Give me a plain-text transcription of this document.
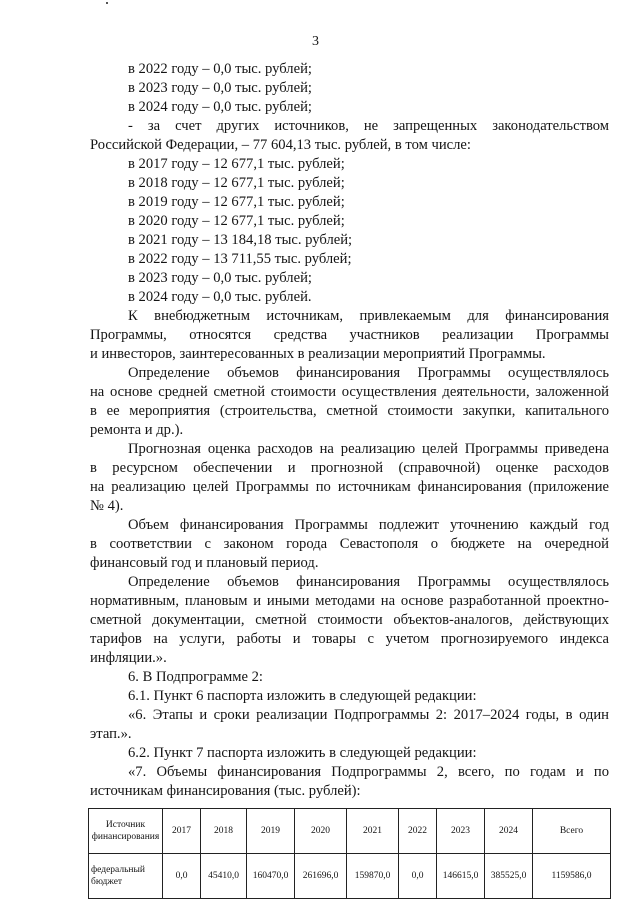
3
в 2022 году – 0,0 тыс. рублей;
в 2023 году – 0,0 тыс. рублей;
в 2024 году – 0,0 тыс. рублей;
- за счет других источников, не запрещенных законодательством
Российской Федерации, – 77 604,13 тыс. рублей, в том числе:
в 2017 году – 12 677,1 тыс. рублей;
в 2018 году – 12 677,1 тыс. рублей;
в 2019 году – 12 677,1 тыс. рублей;
в 2020 году – 12 677,1 тыс. рублей;
в 2021 году – 13 184,18 тыс. рублей;
в 2022 году – 13 711,55 тыс. рублей;
в 2023 году – 0,0 тыс. рублей;
в 2024 году – 0,0 тыс. рублей.
К внебюджетным источникам, привлекаемым для финансирования
Программы, относятся средства участников реализации Программы
и инвесторов, заинтересованных в реализации мероприятий Программы.
Определение объемов финансирования Программы осуществлялось
на основе средней сметной стоимости осуществления деятельности, заложенной
в ее мероприятия (строительства, сметной стоимости закупки, капитального
ремонта и др.).
Прогнозная оценка расходов на реализацию целей Программы приведена
в ресурсном обеспечении и прогнозной (справочной) оценке расходов
на реализацию целей Программы по источникам финансирования (приложение
№ 4).
Объем финансирования Программы подлежит уточнению каждый год
в соответствии с законом города Севастополя о бюджете на очередной
финансовый год и плановый период.
Определение объемов финансирования Программы осуществлялось
нормативным, плановым и иными методами на основе разработанной проектно-
сметной документации, сметной стоимости объектов-аналогов, действующих
тарифов на услуги, работы и товары с учетом прогнозируемого индекса
инфляции.».
6. В Подпрограмме 2:
6.1. Пункт 6 паспорта изложить в следующей редакции:
«6. Этапы и сроки реализации Подпрограммы 2: 2017–2024 годы, в один
этап.».
6.2. Пункт 7 паспорта изложить в следующей редакции:
«7. Объемы финансирования Подпрограммы 2, всего, по годам и по
источникам финансирования (тыс. рублей):
Источник финансирования	2017	2018	2019	2020	2021	2022	2023	2024	Всего
федеральный бюджет	0,0	45410,0	160470,0	261696,0	159870,0	0,0	146615,0	385525,0	1159586,0
